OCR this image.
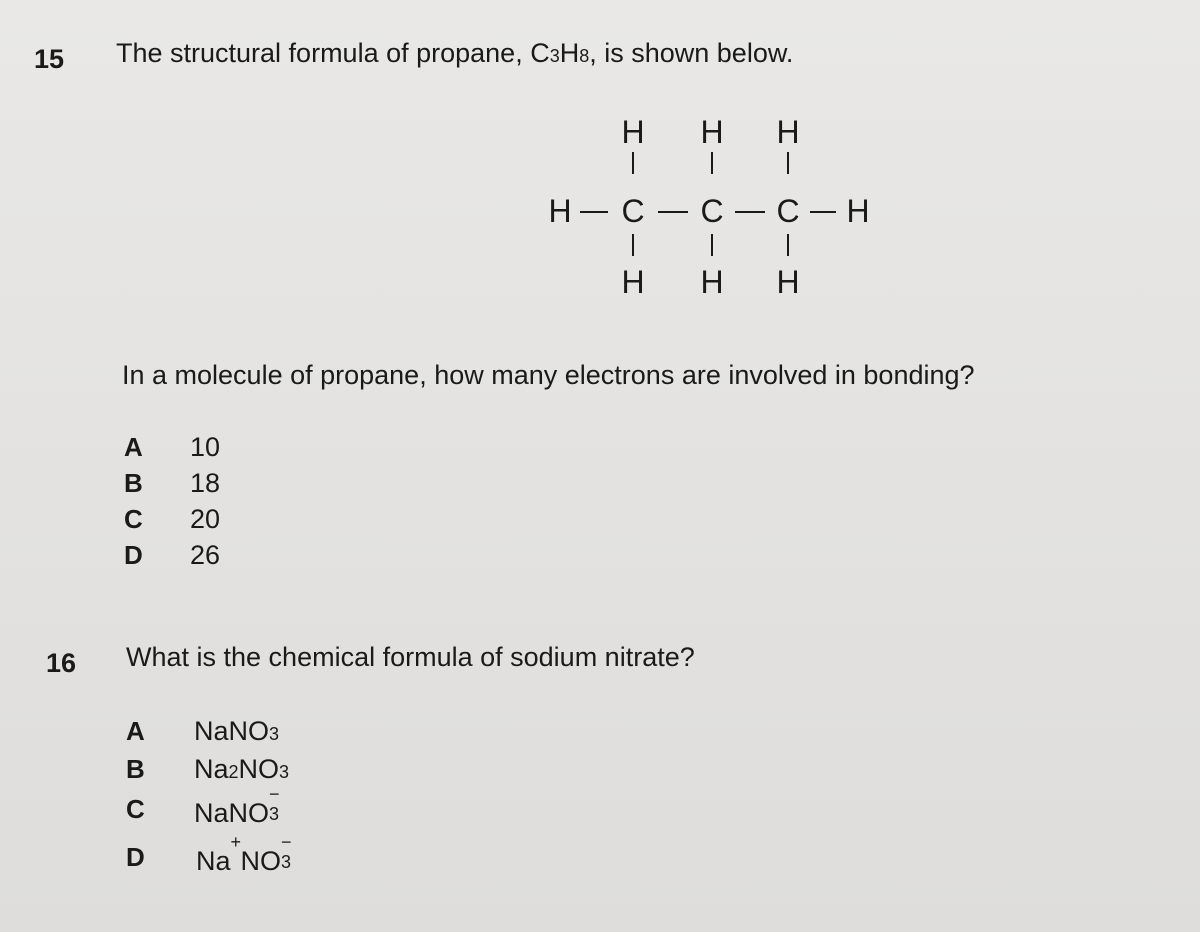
15 The structural formula of propane, C3H8, is shown below.
H H H
H C C C H
H H H
In a molecule of propane, how many electrons are involved in bonding?
A 10
B 18
C 20
D 26
16 What is the chemical formula of sodium nitrate?
A NaNO3
B Na2NO3
C NaNO
−
3
D Na
+
NO
−
3
